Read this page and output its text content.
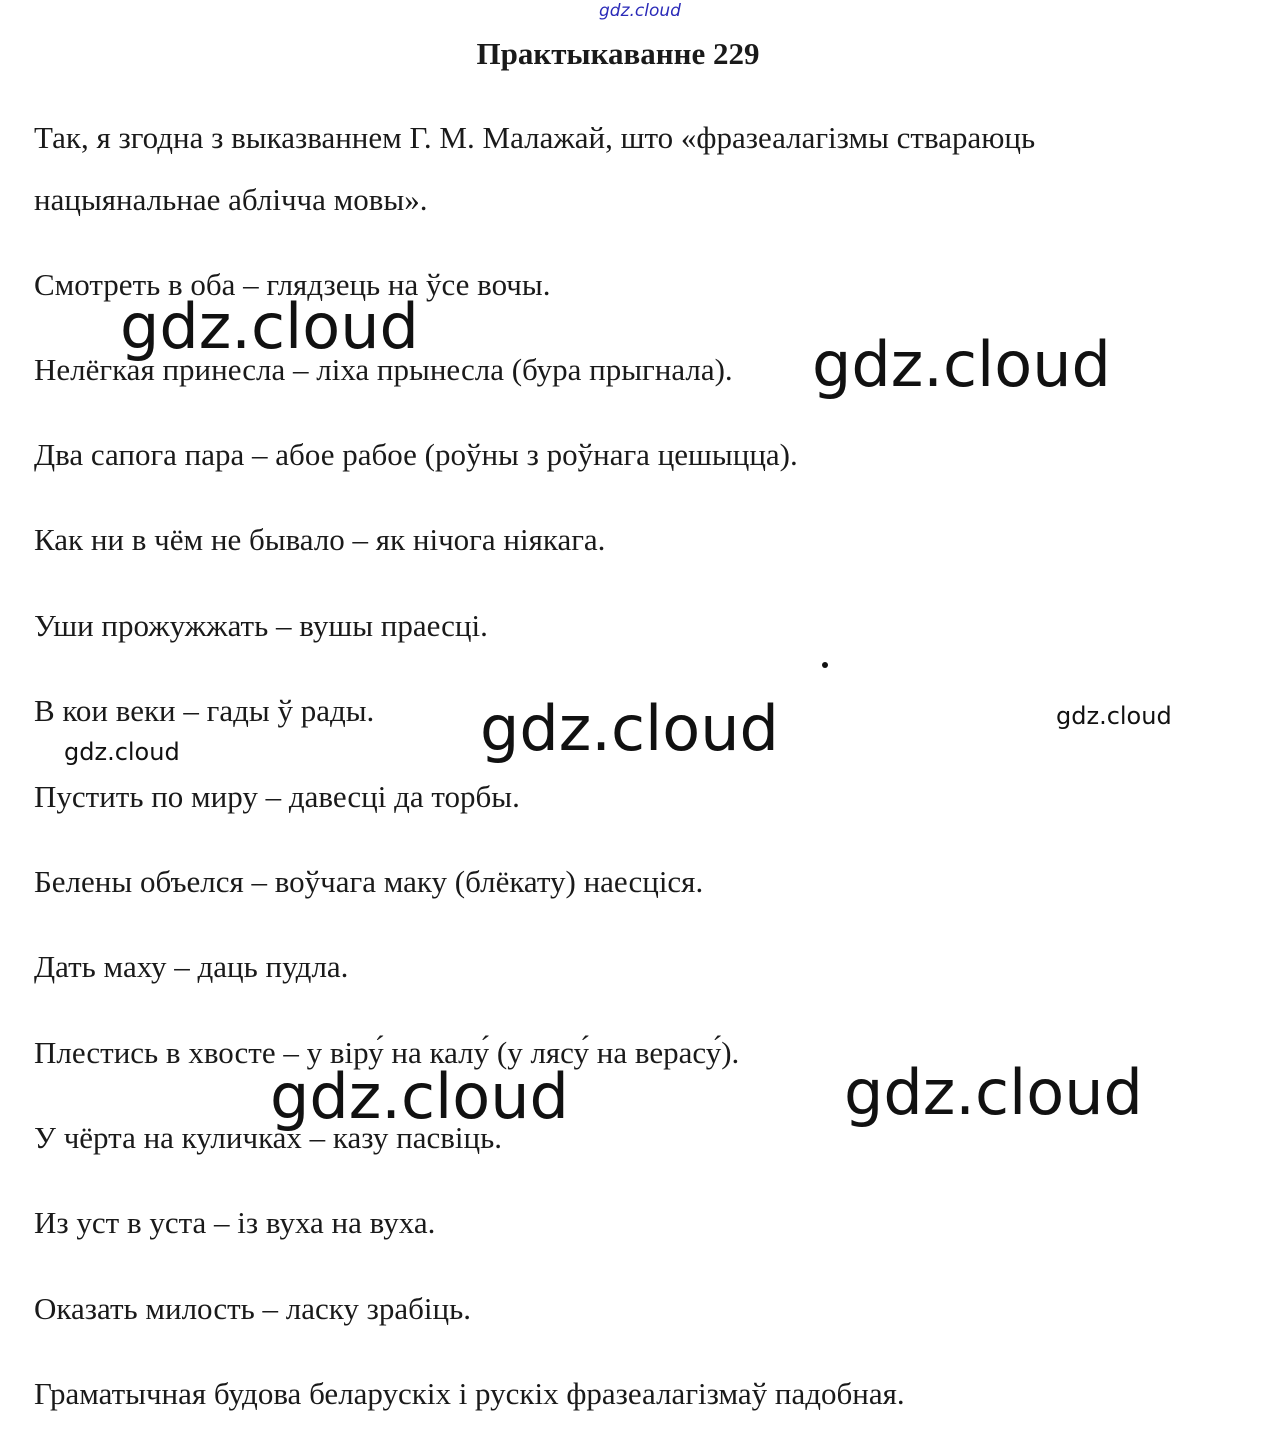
gdz.cloud
Практыкаванне 229
Так, я згодна з выказваннем Г. М. Малажай, што «фразеалагізмы ствараюць
нацыянальнае аблічча мовы».
Смотреть в оба – глядзець на ўсе вочы.
Нелёгкая принесла – ліха прынесла (бура прыгнала).
Два сапога пара – абое рабое (роўны з роўнага цешыцца).
Как ни в чём не бывало – як нічога ніякага.
Уши прожужжать – вушы праесці.
В кои веки – гады ў рады.
Пустить по миру – давесці да торбы.
Белены объелся – воўчага маку (блёкату) наесціся.
Дать маху – даць пудла.
Плестись в хвосте – у віру́ на калу́ (у лясу́ на верасу́).
У чёрта на куличках – казу пасвіць.
Из уст в уста – із вуха на вуха.
Оказать милость – ласку зрабіць.
Граматычная будова беларускіх і рускіх фразеалагізмаў падобная.
gdz.cloud
gdz.cloud
gdz.cloud	gdz.cloud
gdz.cloud
gdz.cloud	gdz.cloud
